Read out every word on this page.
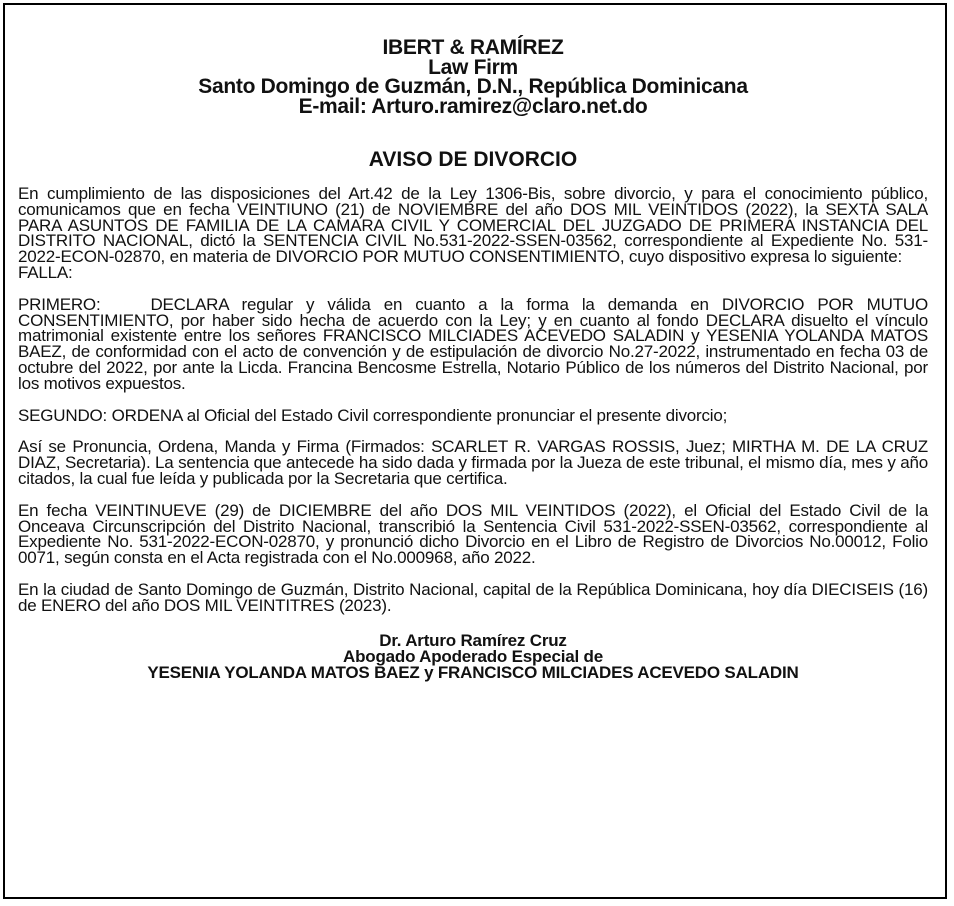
IBERT & RAMÍREZ
Law Firm
Santo Domingo de Guzmán, D.N., República Dominicana
E-mail: Arturo.ramirez@claro.net.do
AVISO DE DIVORCIO

En cumplimiento de las disposiciones del Art.42 de la Ley 1306-Bis, sobre divorcio, y para el conocimiento público, comunicamos que en fecha VEINTIUNO (21) de NOVIEMBRE del año DOS MIL VEINTIDOS (2022), la SEXTA SALA PARA ASUNTOS DE FAMILIA DE LA CAMARA CIVIL Y COMERCIAL DEL JUZGADO DE PRIMERA INSTANCIA DEL DISTRITO NACIONAL, dictó la SENTENCIA CIVIL No.531-2022-SSEN-03562, correspondiente al Expediente No. 531-2022-ECON-02870, en materia de DIVORCIO POR MUTUO CONSENTIMIENTO, cuyo dispositivo expresa lo siguiente:

FALLA:

PRIMERO:	DECLARA regular y válida en cuanto a la forma la demanda en DIVORCIO POR MUTUO CONSENTIMIENTO, por haber sido hecha de acuerdo con la Ley; y en cuanto al fondo DECLARA disuelto el vínculo matrimonial existente entre los señores FRANCISCO MILCIADES ACEVEDO SALADIN y YESENIA YOLANDA MATOS BAEZ, de conformidad con el acto de convención y de estipulación de divorcio No.27-2022, instrumentado en fecha 03 de octubre del 2022, por ante la Licda. Francina Bencosme Estrella, Notario Público de los números del Distrito Nacional, por los motivos expuestos.

SEGUNDO: ORDENA al Oficial del Estado Civil correspondiente pronunciar el presente divorcio;

Así se Pronuncia, Ordena, Manda y Firma (Firmados: SCARLET R. VARGAS ROSSIS, Juez; MIRTHA M. DE LA CRUZ DIAZ, Secretaria). La sentencia que antecede ha sido dada y firmada por la Jueza de este tribunal, el mismo día, mes y año citados, la cual fue leída y publicada por la Secretaria que certifica.

En fecha VEINTINUEVE (29) de DICIEMBRE del año DOS MIL VEINTIDOS (2022), el Oficial del Estado Civil de la Onceava Circunscripción del Distrito Nacional, transcribió la Sentencia Civil 531-2022-SSEN-03562, correspondiente al Expediente No. 531-2022-ECON-02870, y pronunció dicho Divorcio en el Libro de Registro de Divorcios No.00012, Folio 0071, según consta en el Acta registrada con el No.000968, año 2022.

En la ciudad de Santo Domingo de Guzmán, Distrito Nacional, capital de la República Dominicana, hoy día DIECISEIS (16) de ENERO del año DOS MIL VEINTITRES (2023).

Dr. Arturo Ramírez Cruz
Abogado Apoderado Especial de
YESENIA YOLANDA MATOS BAEZ y FRANCISCO MILCIADES ACEVEDO SALADIN
